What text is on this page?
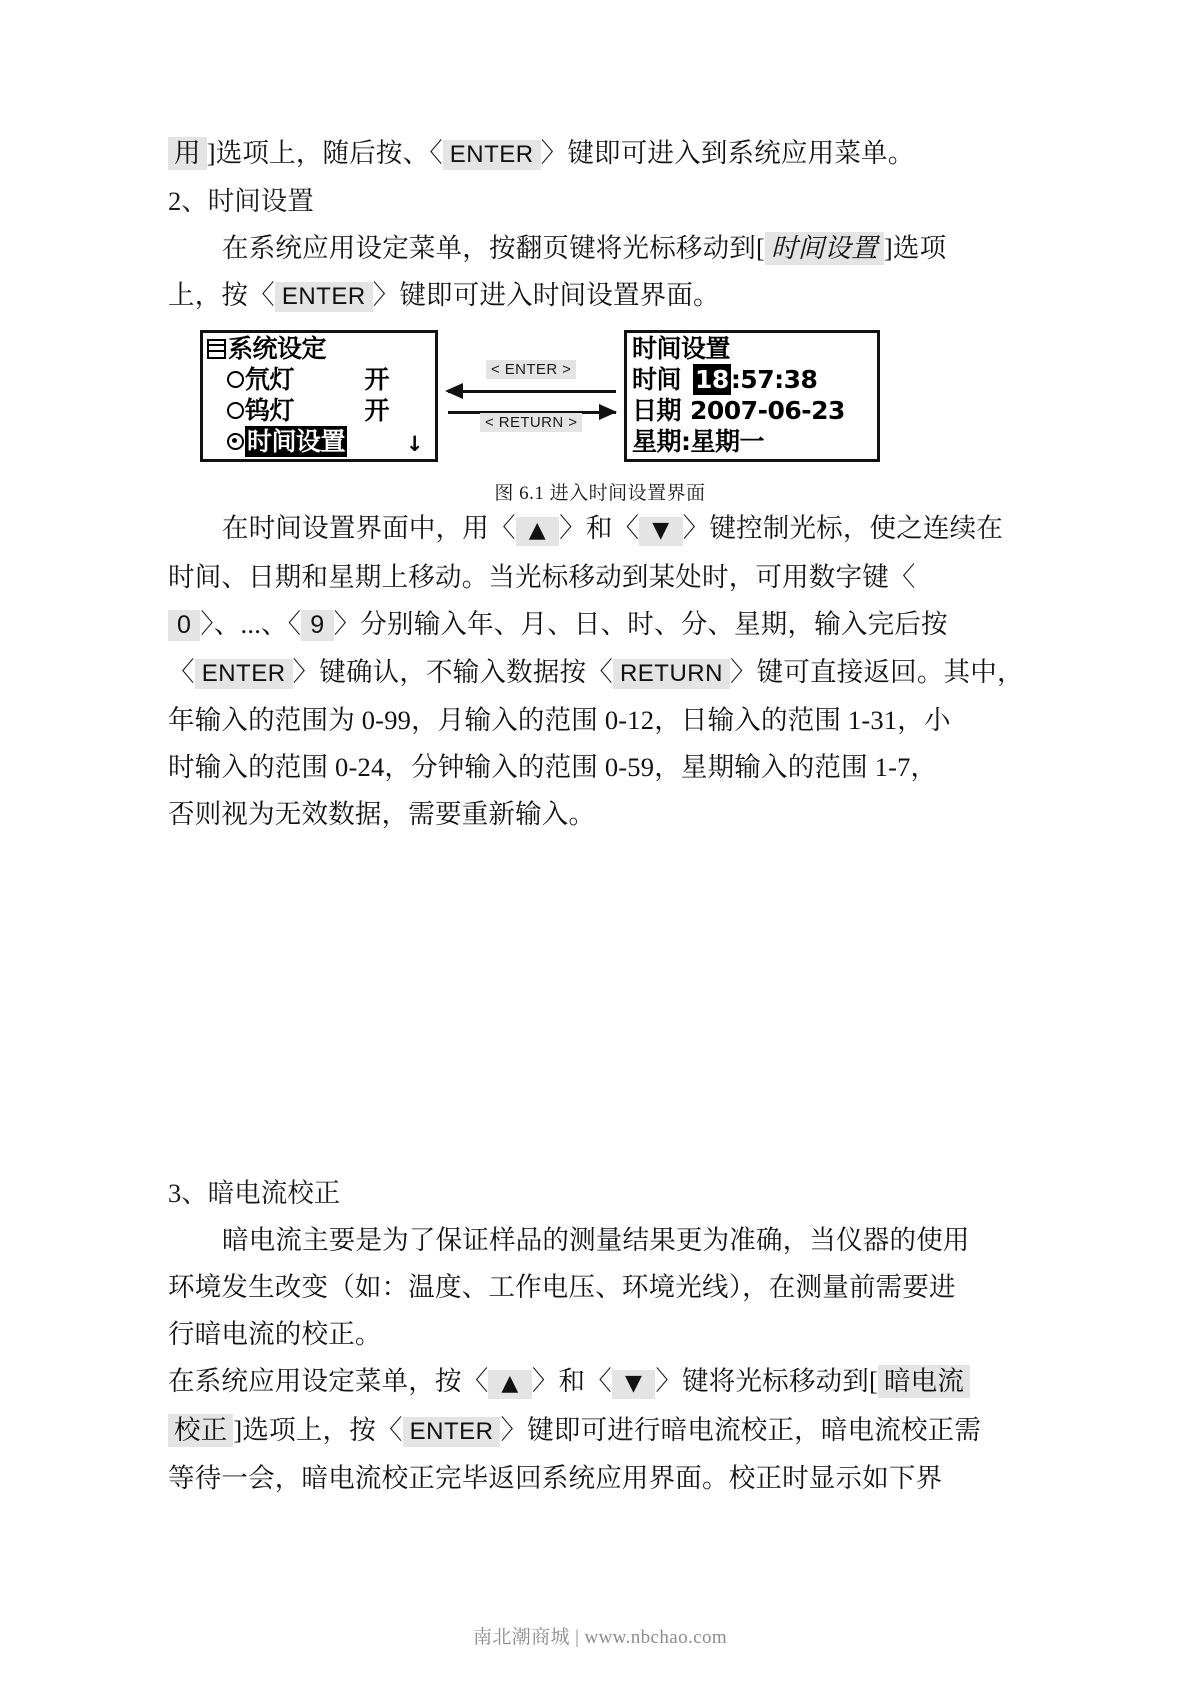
用 ]选项上，随后按、〈 ENTER 〉键即可进入到系统应用菜单。
2、时间设置
在系统应用设定菜单，按翻页键将光标移动到[ 时间设置 ]选项
上，按〈 ENTER 〉键即可进入时间设置界面。
系统设定
氘灯	开
钨灯	开
时间设置	↓
< ENTER >
< RETURN >
时间设置
时间 18 :57:38
日期 2007-06-23
星期: 星期一
图 6.1 进入时间设置界面
在时间设置界面中，用〈 ▲ 〉和〈 ▼ 〉键控制光标，使之连续在
时间、日期和星期上移动。当光标移动到某处时，可用数字键〈
0 〉、...、〈 9 〉分别输入年、月、日、时、分、星期，输入完后按
〈 ENTER 〉键确认，不输入数据按〈 RETURN 〉键可直接返回。其中，
年输入的范围为 0-99，月输入的范围 0-12，日输入的范围 1-31，小
时输入的范围 0-24，分钟输入的范围 0-59，星期输入的范围 1-7，
否则视为无效数据，需要重新输入。
3、暗电流校正
暗电流主要是为了保证样品的测量结果更为准确，当仪器的使用
环境发生改变（如：温度、工作电压、环境光线），在测量前需要进
行暗电流的校正。
在系统应用设定菜单，按〈 ▲ 〉和〈 ▼ 〉键将光标移动到[ 暗电流
校正 ]选项上，按〈 ENTER 〉键即可进行暗电流校正，暗电流校正需
等待一会，暗电流校正完毕返回系统应用界面。校正时显示如下界
南北潮商城 | www.nbchao.com
